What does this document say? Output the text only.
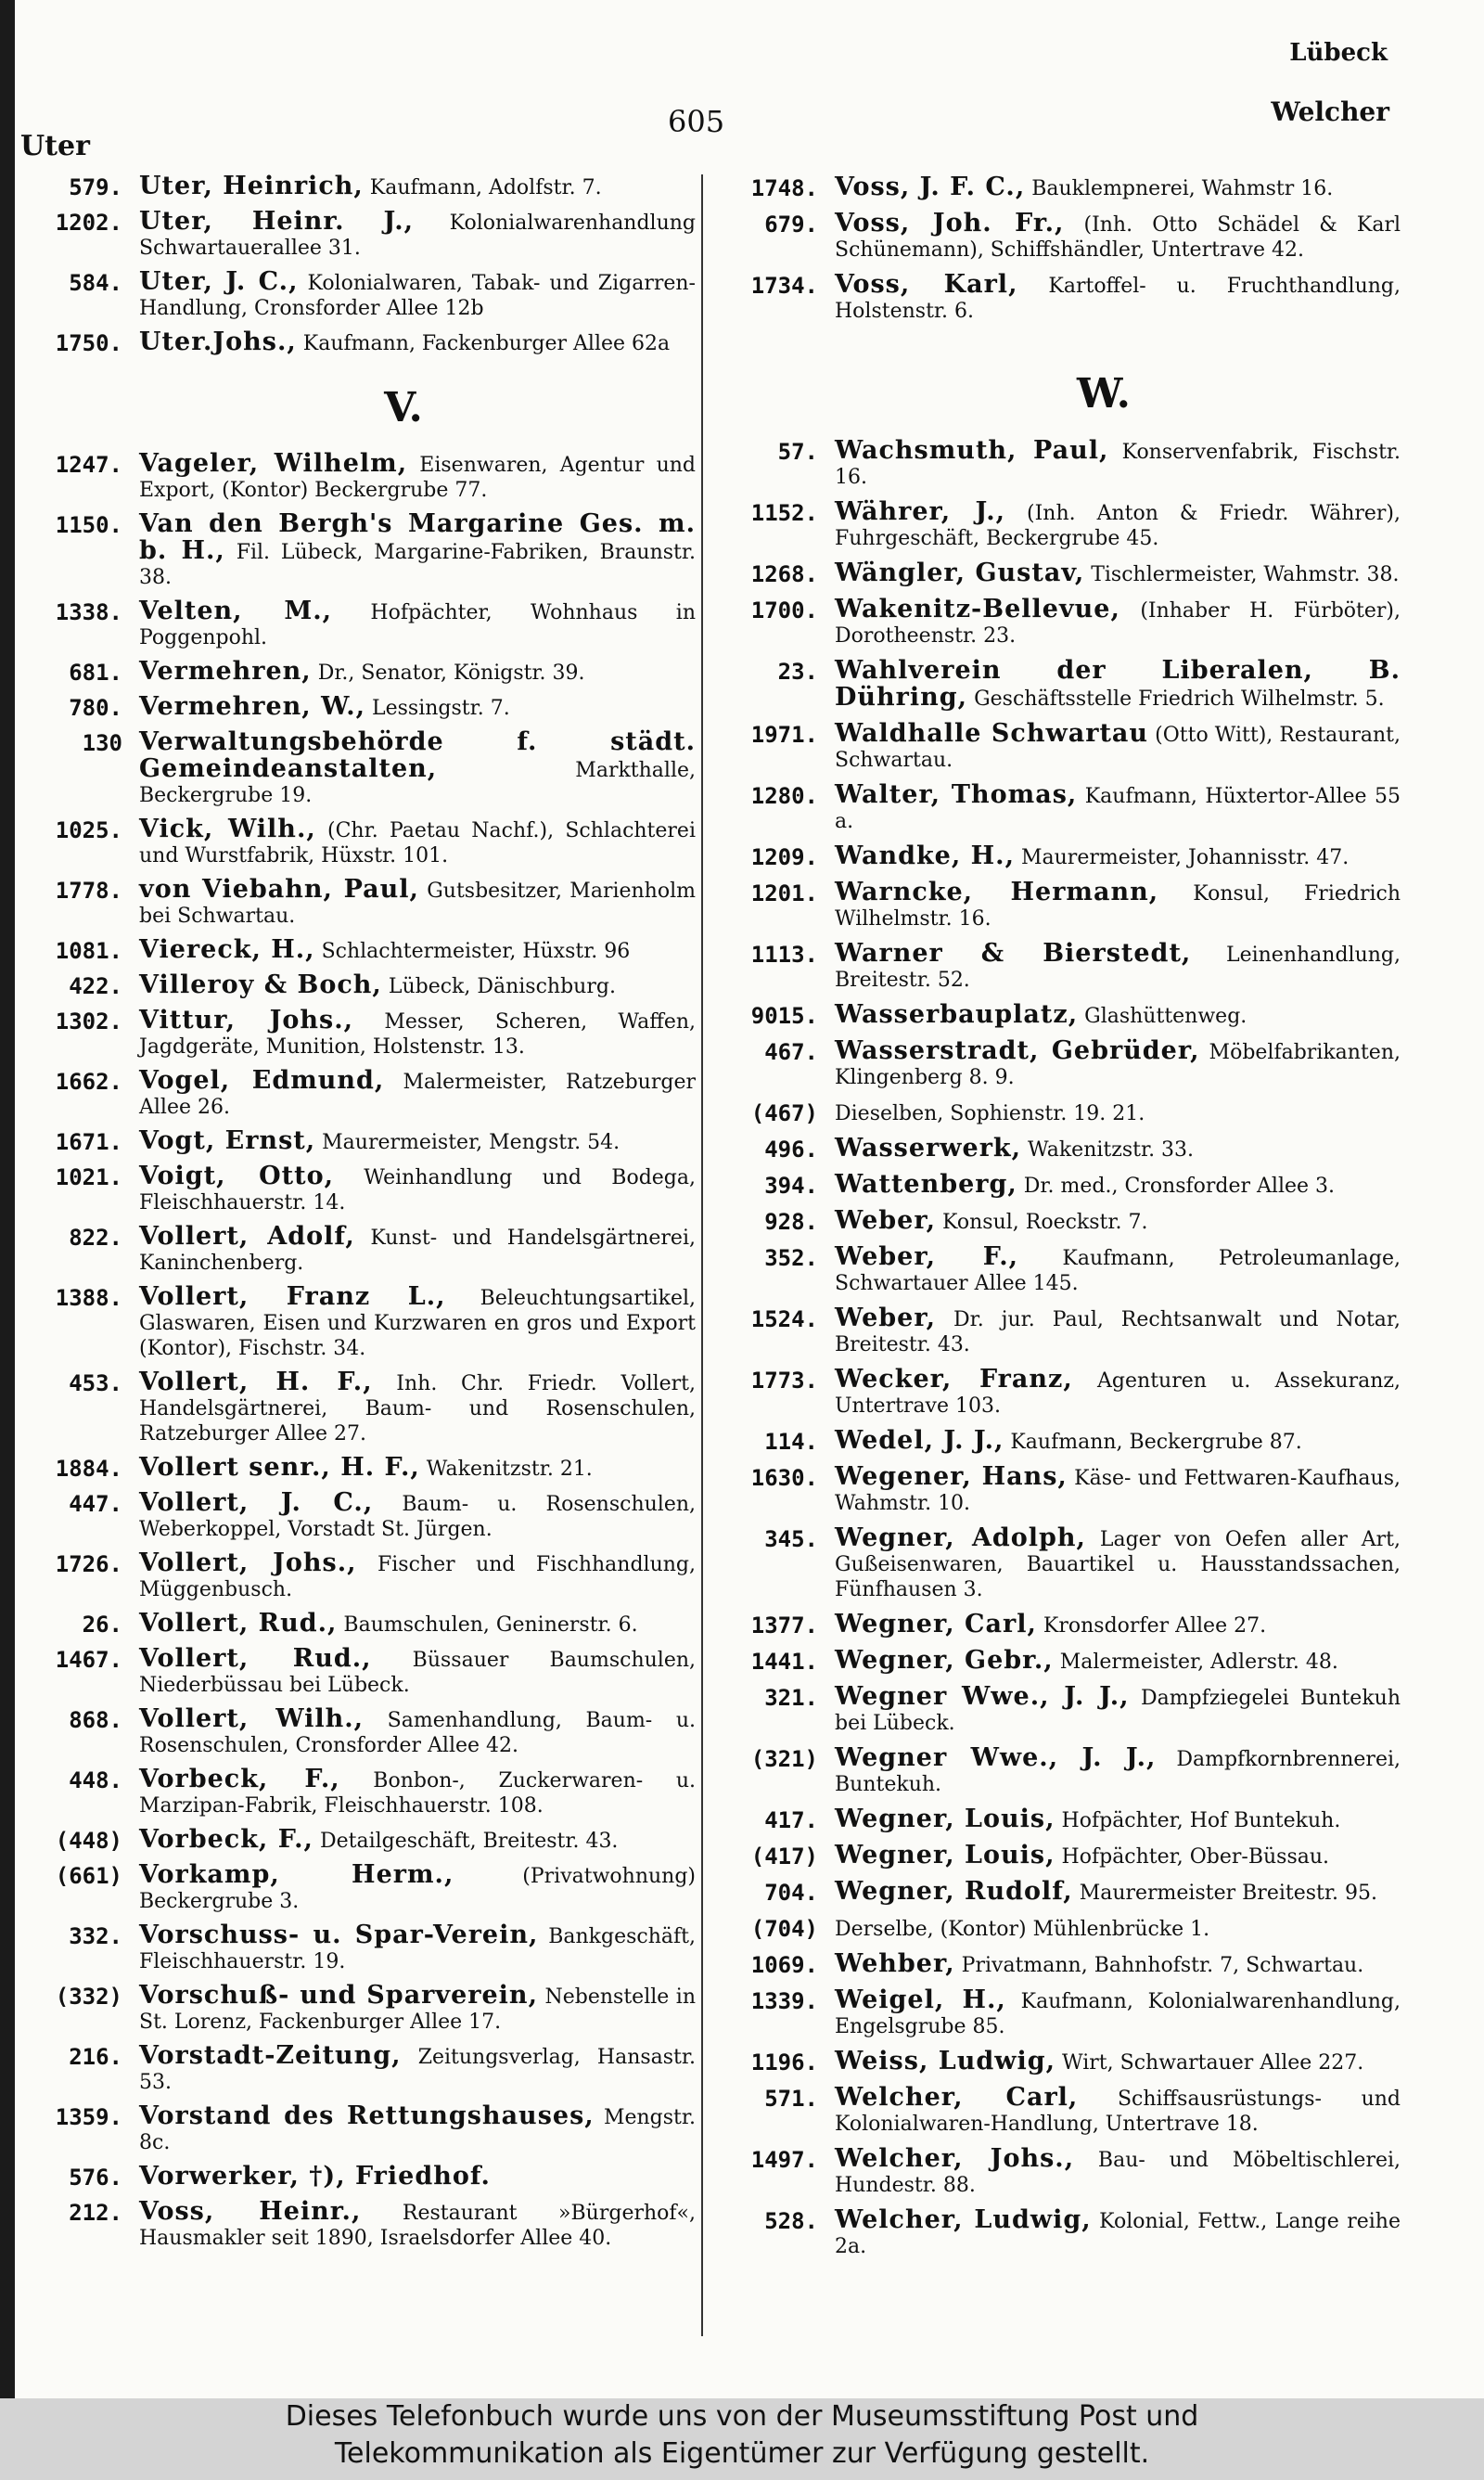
Uter
605
Lübeck
Welcher
579. Uter, Heinrich, Kaufmann, Adolfstr. 7.
1202. Uter, Heinr. J., Kolonialwarenhandlung Schwartauerallee 31.
584. Uter, J. C., Kolonialwaren, Tabak- und Zigarren-Handlung, Cronsforder Allee 12b
1750. Uter.Johs., Kaufmann, Fackenburger Allee 62a
V.
1247. Vageler, Wilhelm, Eisenwaren, Agentur und Export, (Kontor) Beckergrube 77.
1150. Van den Bergh's Margarine Ges. m. b. H., Fil. Lübeck, Margarine-Fabriken, Braunstr. 38.
1338. Velten, M., Hofpächter, Wohnhaus in Poggenpohl.
681. Vermehren, Dr., Senator, Königstr. 39.
780. Vermehren, W., Lessingstr. 7.
130 Verwaltungsbehörde f. städt. Gemeindeanstalten,	Markthalle, Beckergrube 19.
1025. Vick, Wilh., (Chr. Paetau Nachf.), Schlachterei und Wurstfabrik, Hüxstr. 101.
1778. von Viebahn, Paul, Gutsbesitzer, Marienholm bei Schwartau.
1081. Viereck, H., Schlachtermeister, Hüxstr. 96
422. Villeroy & Boch, Lübeck, Dänischburg.
1302. Vittur, Johs., Messer, Scheren, Waffen, Jagdgeräte, Munition, Holstenstr. 13.
1662. Vogel, Edmund, Malermeister, Ratzeburger Allee 26.
1671. Vogt, Ernst, Maurermeister, Mengstr. 54.
1021. Voigt, Otto, Weinhandlung und Bodega, Fleischhauerstr. 14.
822. Vollert, Adolf, Kunst- und Handelsgärtnerei, Kaninchenberg.
1388. Vollert, Franz L., Beleuchtungsartikel, Glaswaren, Eisen und Kurzwaren en gros und Export (Kontor), Fischstr. 34.
453. Vollert, H. F., Inh. Chr. Friedr. Vollert, Handelsgärtnerei, Baum- und Rosenschulen, Ratzeburger Allee 27.
1884. Vollert senr., H. F., Wakenitzstr. 21.
447. Vollert, J. C., Baum- u. Rosenschulen, Weberkoppel, Vorstadt St. Jürgen.
1726. Vollert, Johs., Fischer und Fischhandlung, Müggenbusch.
26. Vollert, Rud., Baumschulen, Geninerstr. 6.
1467. Vollert, Rud., Büssauer Baumschulen, Niederbüssau bei Lübeck.
868. Vollert, Wilh., Samenhandlung, Baum- u. Rosenschulen, Cronsforder Allee 42.
448. Vorbeck, F., Bonbon-, Zuckerwaren- u. Marzipan-Fabrik, Fleischhauerstr. 108.
(448) Vorbeck, F., Detailgeschäft, Breitestr. 43.
(661) Vorkamp, Herm.,	(Privatwohnung) Beckergrube 3.
332. Vorschuss- u. Spar-Verein, Bankgeschäft, Fleischhauerstr. 19.
(332) Vorschuß- und Sparverein, Nebenstelle in St. Lorenz, Fackenburger Allee 17.
216. Vorstadt-Zeitung, Zeitungsverlag, Hansastr. 53.
1359. Vorstand des Rettungshauses, Mengstr. 8c.
576. Vorwerker, †), Friedhof.
212. Voss, Heinr., Restaurant »Bürgerhof«, Hausmakler seit 1890, Israelsdorfer Allee 40.
1748. Voss, J. F. C., Bauklempnerei, Wahmstr 16.
679. Voss, Joh. Fr., (Inh. Otto Schädel & Karl Schünemann), Schiffshändler, Untertrave 42.
1734. Voss, Karl, Kartoffel- u. Fruchthandlung, Holstenstr. 6.
W.
57. Wachsmuth, Paul, Konservenfabrik, Fischstr. 16.
1152. Währer, J., (Inh. Anton & Friedr. Währer), Fuhrgeschäft, Beckergrube 45.
1268. Wängler, Gustav, Tischlermeister, Wahmstr. 38.
1700. Wakenitz-Bellevue, (Inhaber H. Fürböter), Dorotheenstr. 23.
23. Wahlverein der Liberalen, B. Dühring, Geschäftsstelle Friedrich Wilhelmstr. 5.
1971. Waldhalle Schwartau (Otto Witt), Restaurant, Schwartau.
1280. Walter, Thomas, Kaufmann, Hüxtertor-Allee 55 a.
1209. Wandke, H., Maurermeister, Johannisstr. 47.
1201. Warncke, Hermann, Konsul, Friedrich Wilhelmstr. 16.
1113. Warner & Bierstedt, Leinenhandlung, Breitestr. 52.
9015. Wasserbauplatz, Glashüttenweg.
467. Wasserstradt, Gebrüder, Möbelfabrikanten, Klingenberg 8. 9.
(467) Dieselben, Sophienstr. 19. 21.
496. Wasserwerk, Wakenitzstr. 33.
394. Wattenberg, Dr. med., Cronsforder Allee 3.
928. Weber, Konsul, Roeckstr. 7.
352. Weber, F., Kaufmann, Petroleumanlage, Schwartauer Allee 145.
1524. Weber, Dr. jur. Paul, Rechtsanwalt und Notar, Breitestr. 43.
1773. Wecker, Franz, Agenturen u. Assekuranz, Untertrave 103.
114. Wedel, J. J., Kaufmann, Beckergrube 87.
1630. Wegener, Hans, Käse- und Fettwaren-Kaufhaus, Wahmstr. 10.
345. Wegner, Adolph, Lager von Oefen aller Art, Gußeisenwaren, Bauartikel u. Hausstandssachen, Fünfhausen 3.
1377. Wegner, Carl, Kronsdorfer Allee 27.
1441. Wegner, Gebr., Malermeister, Adlerstr. 48.
321. Wegner Wwe., J. J., Dampfziegelei Buntekuh bei Lübeck.
(321) Wegner Wwe., J. J., Dampfkornbrennerei, Buntekuh.
417. Wegner, Louis, Hofpächter, Hof Buntekuh.
(417) Wegner, Louis, Hofpächter, Ober-Büssau.
704. Wegner, Rudolf, Maurermeister Breitestr. 95.
(704) Derselbe, (Kontor) Mühlenbrücke 1.
1069. Wehber, Privatmann, Bahnhofstr. 7, Schwartau.
1339. Weigel, H., Kaufmann, Kolonialwarenhandlung, Engelsgrube 85.
1196. Weiss, Ludwig, Wirt, Schwartauer Allee 227.
571. Welcher, Carl, Schiffsausrüstungs- und Kolonialwaren-Handlung, Untertrave 18.
1497. Welcher, Johs., Bau- und Möbeltischlerei, Hundestr. 88.
528. Welcher, Ludwig, Kolonial, Fettw., Lange reihe 2a.
Dieses Telefonbuch wurde uns von der Museumsstiftung Post und
Telekommunikation als Eigentümer zur Verfügung gestellt.
